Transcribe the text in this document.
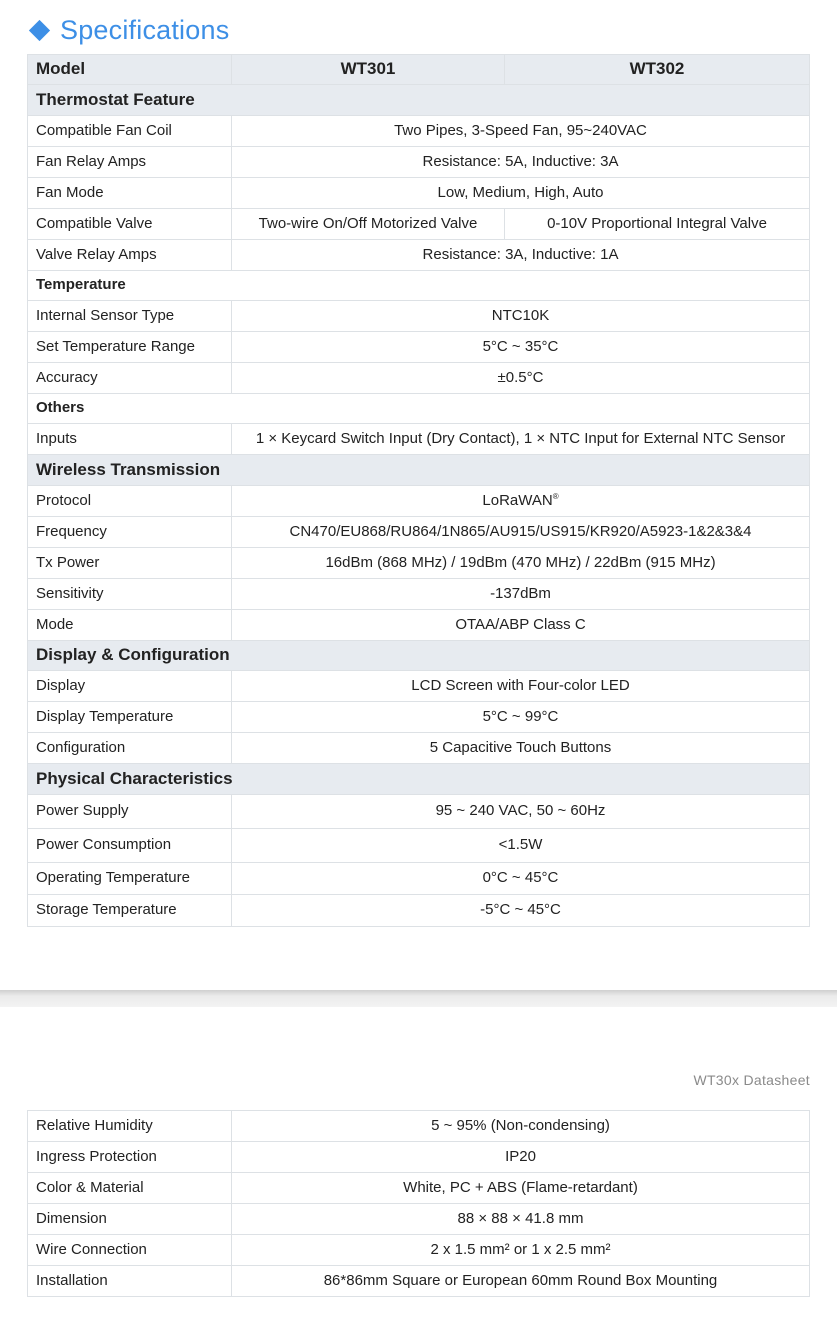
Specifications
Model	WT301	WT302
Thermostat Feature		
Compatible Fan Coil	Two Pipes, 3-Speed Fan, 95~240VAC	
Fan Relay Amps	Resistance: 5A, Inductive: 3A	
Fan Mode	Low, Medium, High, Auto	
Compatible Valve	Two-wire On/Off Motorized Valve	0-10V Proportional Integral Valve
Valve Relay Amps	Resistance: 3A, Inductive: 1A	
Temperature		
Internal Sensor Type	NTC10K	
Set Temperature Range	5°C ~ 35°C	
Accuracy	±0.5°C	
Others		
Inputs	1 × Keycard Switch Input (Dry Contact), 1 × NTC Input for External NTC Sensor	
Wireless Transmission		
Protocol	LoRaWAN®
Frequency	CN470/EU868/RU864/1N865/AU915/US915/KR920/A5923-1&2&3&4	
Tx Power	16dBm (868 MHz) / 19dBm (470 MHz) / 22dBm (915 MHz)	
Sensitivity	-137dBm	
Mode	OTAA/ABP Class C	
Display & Configuration		
Display	LCD Screen with Four-color LED	
Display Temperature	5°C ~ 99°C	
Configuration	5 Capacitive Touch Buttons	
Physical Characteristics		
Power Supply	95 ~ 240 VAC, 50 ~ 60Hz	
Power Consumption	<1.5W	
Operating Temperature	0°C ~ 45°C	
Storage Temperature	-5°C ~ 45°C	
WT30x Datasheet
Relative Humidity	5 ~ 95% (Non-condensing)
Ingress Protection	IP20
Color & Material	White, PC + ABS (Flame-retardant)
Dimension	88 × 88 × 41.8 mm
Wire Connection	2 x 1.5 mm² or 1 x 2.5 mm²
Installation	86*86mm Square or European 60mm Round Box Mounting
